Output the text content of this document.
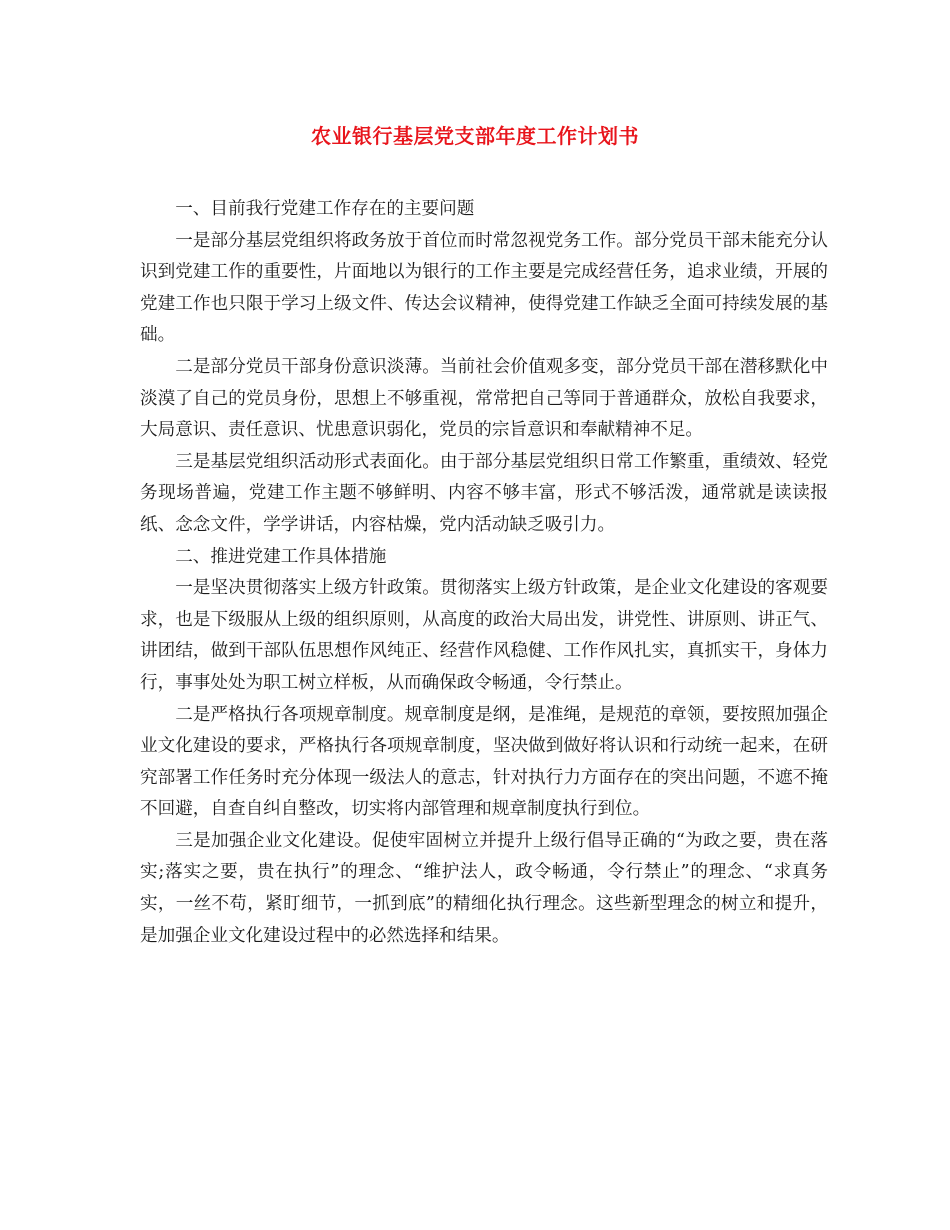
农业银行基层党支部年度工作计划书

一、目前我行党建工作存在的主要问题

一是部分基层党组织将政务放于首位而时常忽视党务工作。部分党员干部未能充分认识到党建工作的重要性，片面地以为银行的工作主要是完成经营任务，追求业绩，开展的党建工作也只限于学习上级文件、传达会议精神，使得党建工作缺乏全面可持续发展的基础。

二是部分党员干部身份意识淡薄。当前社会价值观多变，部分党员干部在潜移默化中淡漠了自己的党员身份，思想上不够重视，常常把自己等同于普通群众，放松自我要求，大局意识、责任意识、忧患意识弱化，党员的宗旨意识和奉献精神不足。

三是基层党组织活动形式表面化。由于部分基层党组织日常工作繁重，重绩效、轻党务现场普遍，党建工作主题不够鲜明、内容不够丰富，形式不够活泼，通常就是读读报纸、念念文件，学学讲话，内容枯燥，党内活动缺乏吸引力。

二、推进党建工作具体措施

一是坚决贯彻落实上级方针政策。贯彻落实上级方针政策，是企业文化建设的客观要求，也是下级服从上级的组织原则，从高度的政治大局出发，讲党性、讲原则、讲正气、讲团结，做到干部队伍思想作风纯正、经营作风稳健、工作作风扎实，真抓实干，身体力行，事事处处为职工树立样板，从而确保政令畅通，令行禁止。

二是严格执行各项规章制度。规章制度是纲，是准绳，是规范的章领，要按照加强企业文化建设的要求，严格执行各项规章制度，坚决做到做好将认识和行动统一起来，在研究部署工作任务时充分体现一级法人的意志，针对执行力方面存在的突出问题，不遮不掩不回避，自查自纠自整改，切实将内部管理和规章制度执行到位。

三是加强企业文化建设。促使牢固树立并提升上级行倡导正确的“为政之要，贵在落实;落实之要，贵在执行”的理念、“维护法人，政令畅通，令行禁止”的理念、“求真务实，一丝不苟，紧盯细节，一抓到底”的精细化执行理念。这些新型理念的树立和提升，是加强企业文化建设过程中的必然选择和结果。
